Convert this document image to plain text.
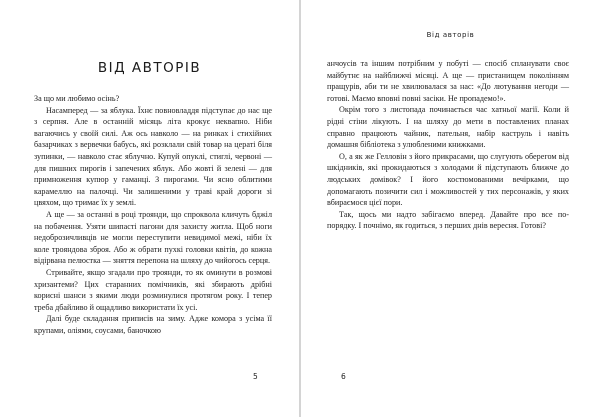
ВІД АВТОРІВ

За що ми любимо осінь?

Насамперед — за яблука. Їхнє повновладдя підступає до нас ще з серпня. Але в останній місяць літа крокує неквапно. Ніби вагаючись у своїй силі. Аж ось навколо — на ринках і стихійних базарчиках з вервечки бабусь, які розклали свій товар на цераті біля зупинки, — навколо стає яблучно. Купуй опуклі, стиглі, червоні — для пишних пирогів і запечених яблук. Або жовті й зелені — для примноження купюр у гаманці. З пирогами. Чи ясно облитими карамеллю на палочці. Чи залишеними у траві край дороги зі цвяхом, що тримає їх у землі.

А ще — за останні в році троянди, що спроквола кличуть бджіл на побачення. Узяти шипасті пагони для захисту житла. Щоб ноги недоброзичливців не могли переступити невидимої межі, ніби їх коле трояндова зброя. Або ж обрати пухкі головки квітів, до кожна відірвана пелюстка — зняття перепона на шляху до чийогось серця.

Стривайте, якщо згадали про троянди, то як оминути в розмові хризантеми? Цих старанних помічників, які збирають дрібні корисні шанси з якими люди розминулися протягом року. І тепер треба дбайливо й ощадливо використати їх усі.

Далі буде складання приписів на зиму. Адже комора з усіма її крупами, оліями, соусами, баночкою

5
Від авторів

анчоусів та іншим потрібним у побуті — спосіб спланувати своє майбутнє на найближчі місяці. А ще — пристанищем поколінням пращурів, аби ти не хвилювалася за нас: «До лютування негоди — готові. Маємо вповні повні засіки. Не пропадемо!».

Окрім того з листопада починається час хатньої магії. Коли й рідні стіни лікують. І на шляху до мети в поставлених планах справно працюють чайник, пательня, набір каструль і навіть домашня бібліотека з улюбленими книжками.

О, а як же Гелловін з його прикрасами, що слугують оберегом від шкідників, які прокидаються з холодами й підступають ближче до людських домівок? І його костюмованими вечірками, що допомагають позичити сил і можливостей у тих персонажів, у яких вбираємося цієї пори.

Так, щось ми надто забігаємо вперед. Давайте про все по-порядку. І почнімо, як годиться, з перших днів вересня. Готові?

6
